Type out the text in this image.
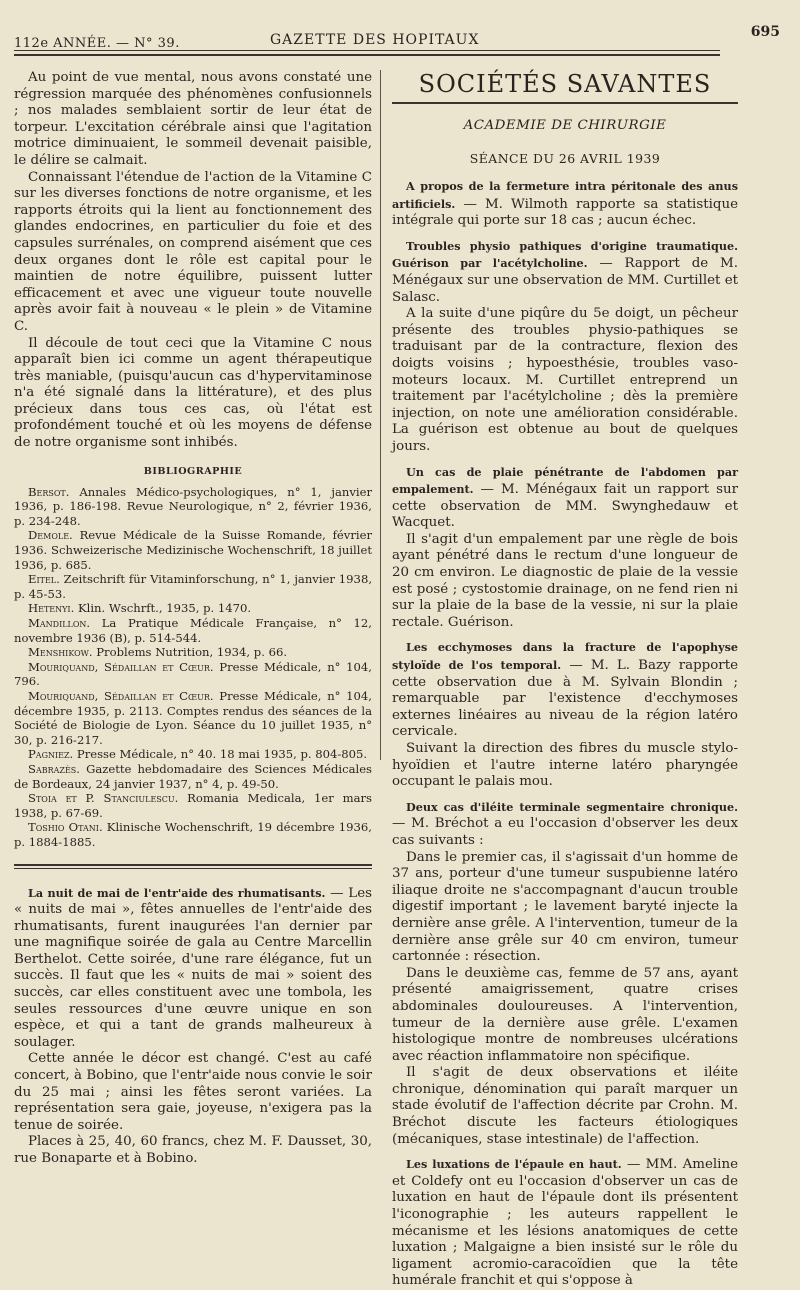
112e ANNÉE. — N° 39.	GAZETTE DES HOPITAUX	695

Au point de vue mental, nous avons constaté une régression marquée des phénomènes confusionnels ; nos malades semblaient sortir de leur état de torpeur. L'excitation cérébrale ainsi que l'agitation motrice diminuaient, le sommeil devenait paisible, le délire se calmait.

Connaissant l'étendue de l'action de la Vitamine C sur les diverses fonctions de notre organisme, et les rapports étroits qui la lient au fonctionnement des glandes endocrines, en particulier du foie et des capsules surrénales, on comprend aisément que ces deux organes dont le rôle est capital pour le maintien de notre équilibre, puissent lutter efficacement et avec une vigueur toute nouvelle après avoir fait à nouveau « le plein » de Vitamine C.

Il découle de tout ceci que la Vitamine C nous apparaît bien ici comme un agent thérapeutique très maniable, (puisqu'aucun cas d'hypervitaminose n'a été signalé dans la littérature), et des plus précieux dans tous ces cas, où l'état est profondément touché et où les moyens de défense de notre organisme sont inhibés.

BIBLIOGRAPHIE

Bersot. Annales Médico-psychologiques, n° 1, janvier 1936, p. 186-198. Revue Neurologique, n° 2, février 1936, p. 234-248.

Demole. Revue Médicale de la Suisse Romande, février 1936. Schweizerische Medizinische Wochenschrift, 18 juillet 1936, p. 685.

Eitel. Zeitschrift für Vitaminforschung, n° 1, janvier 1938, p. 45-53.

Hetenyi. Klin. Wschrft., 1935, p. 1470.

Mandillon. La Pratique Médicale Française, n° 12, novembre 1936 (B), p. 514-544.

Menshikow. Problems Nutrition, 1934, p. 66.

Mouriquand, Sédaillan et Cœur. Presse Médicale, n° 104, 796.

Mouriquand, Sédaillan et Cœur. Presse Médicale, n° 104, décembre 1935, p. 2113. Comptes rendus des séances de la Société de Biologie de Lyon. Séance du 10 juillet 1935, n° 30, p. 216-217.

Pagniez. Presse Médicale, n° 40. 18 mai 1935, p. 804-805.

Sabrazès. Gazette hebdomadaire des Sciences Médicales de Bordeaux, 24 janvier 1937, n° 4, p. 49-50.

Stoia et P. Stanciulescu. Romania Medicala, 1er mars 1938, p. 67-69.

Toshio Otani. Klinische Wochenschrift, 19 décembre 1936, p. 1884-1885.

La nuit de mai de l'entr'aide des rhumatisants. — Les « nuits de mai », fêtes annuelles de l'entr'aide des rhumatisants, furent inaugurées l'an dernier par une magnifique soirée de gala au Centre Marcellin Berthelot. Cette soirée, d'une rare élégance, fut un succès. Il faut que les « nuits de mai » soient des succès, car elles constituent avec une tombola, les seules ressources d'une œuvre unique en son espèce, et qui a tant de grands malheureux à soulager.

Cette année le décor est changé. C'est au café concert, à Bobino, que l'entr'aide nous convie le soir du 25 mai ; ainsi les fêtes seront variées. La représentation sera gaie, joyeuse, n'exigera pas la tenue de soirée.

Places à 25, 40, 60 francs, chez M. F. Dausset, 30, rue Bonaparte et à Bobino.

SOCIÉTÉS SAVANTES
ACADEMIE DE CHIRURGIE
SÉANCE DU 26 AVRIL 1939

A propos de la fermeture intra péritonale des anus artificiels. — M. Wilmoth rapporte sa statistique intégrale qui porte sur 18 cas ; aucun échec.

Troubles physio pathiques d'origine traumatique. Guérison par l'acétylcholine. — Rapport de M. Ménégaux sur une observation de MM. Curtillet et Salasc.

A la suite d'une piqûre du 5e doigt, un pêcheur présente des troubles physio-pathiques se traduisant par de la contracture, flexion des doigts voisins ; hypoesthésie, troubles vaso-moteurs locaux. M. Curtillet entreprend un traitement par l'acétylcholine ; dès la première injection, on note une amélioration considérable. La guérison est obtenue au bout de quelques jours.

Un cas de plaie pénétrante de l'abdomen par empalement. — M. Ménégaux fait un rapport sur cette observation de MM. Swynghedauw et Wacquet.

Il s'agit d'un empalement par une règle de bois ayant pénétré dans le rectum d'une longueur de 20 cm environ. Le diagnostic de plaie de la vessie est posé ; cystostomie drainage, on ne fend rien ni sur la plaie de la base de la vessie, ni sur la plaie rectale. Guérison.

Les ecchymoses dans la fracture de l'apophyse styloïde de l'os temporal. — M. L. Bazy rapporte cette observation due à M. Sylvain Blondin ; remarquable par l'existence d'ecchymoses externes linéaires au niveau de la région latéro cervicale.

Suivant la direction des fibres du muscle stylo-hyoïdien et l'autre interne latéro pharyngée occupant le palais mou.

Deux cas d'iléite terminale segmentaire chronique. — M. Bréchot a eu l'occasion d'observer les deux cas suivants :

Dans le premier cas, il s'agissait d'un homme de 37 ans, porteur d'une tumeur suspubienne latéro iliaque droite ne s'accompagnant d'aucun trouble digestif important ; le lavement baryté injecte la dernière anse grêle. A l'intervention, tumeur de la dernière anse grêle sur 40 cm environ, tumeur cartonnée : résection.

Dans le deuxième cas, femme de 57 ans, ayant présenté amaigrissement, quatre crises abdominales douloureuses. A l'intervention, tumeur de la dernière ause grêle. L'examen histologique montre de nombreuses ulcérations avec réaction inflammatoire non spécifique.

Il s'agit de deux observations et iléite chronique, dénomination qui paraît marquer un stade évolutif de l'affection décrite par Crohn. M. Bréchot discute les facteurs étiologiques (mécaniques, stase intestinale) de l'affection.

Les luxations de l'épaule en haut. — MM. Ameline et Coldefy ont eu l'occasion d'observer un cas de luxation en haut de l'épaule dont ils présentent l'iconographie ; les auteurs rappellent le mécanisme et les lésions anatomiques de cette luxation ; Malgaigne a bien insisté sur le rôle du ligament acromio-caracoïdien que la tête humérale franchit et qui s'oppose à
